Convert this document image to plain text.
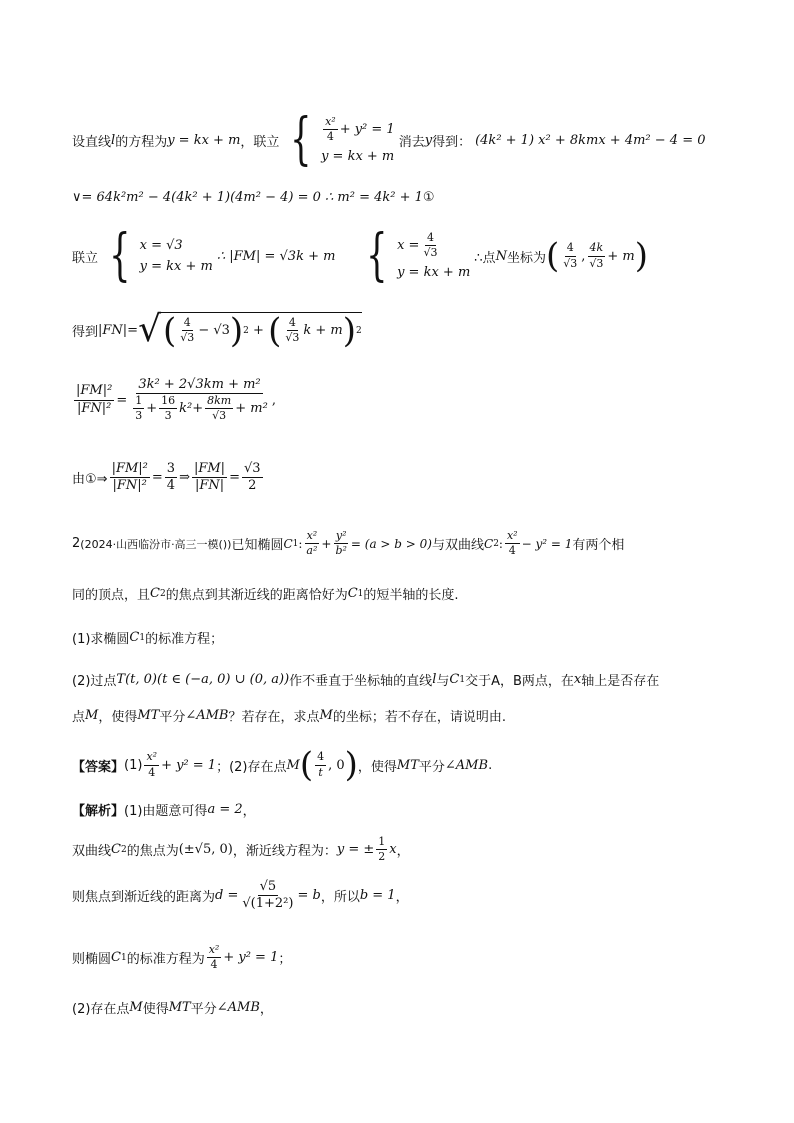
设直线 l 的方程为 y = kx + m ，联立 { $\frac{\text{x²}}{4} + y^2 = 1$
y = kx + m
消去 y 得到： (4k² + 1) x² + 8kmx + 4m² − 4 = 0
∨= 64k²m² − 4(4k² + 1)(4m² − 4) = 0 ∴ m² = 4k² + 1 ①
联立 { x = √3
y = kx + m
∴ |FM| = √3k + m { $x = \frac{4}{√3}$
y = kx + m
∴点 N 坐标为 ( $\frac{4}{√3}$ , $\frac{4k}{√3} + m$ )
得到 |FN|= √ ( $\frac{4}{√3} - √3$ ) 2 + ( $\frac{4}{√3}$ k + m ) 2
$\frac{\text{|FM|²}}{\text{|FN|²}} = \frac{\text{3k² + 2√3km + m²}}{\frac{1}{3} + \frac{16}{3} k^2 + \frac{8km}{√3} + m^2}$ ,
由①⇒ $\frac{\text{|FM|²}}{\text{|FN|²}} = \frac{3}{4}$ ⇒ $\frac{|FM|}{|FN|} = \frac{√3}{2}$
2 (2024·山西临汾市·高三一模()) 已知椭圆 C 1 : $\frac{\text{x²}}{\text{a²}} + \frac{\text{y²}}{\text{b²}} = (a > b > 0)$ 与双曲线 C 2 : $\frac{\text{x²}}{4} - y^2 = 1$ 有两个相
同的顶点，且 C 2 的焦点到其渐近线的距离恰好为 C 1 的短半轴的长度.
(1)求椭圆 C 1 的标准方程；
(2)过点 T(t, 0) (t ∈ (−a, 0) ∪ (0, a)) 作不垂直于坐标轴的直线 l 与 C 1 交于A， B两点，在 x 轴上是否存在
点 M ，使得 MT 平分 ∠AMB ？若存在，求点 M 的坐标；若不存在，请说明由.
【答案】 $(1) \frac{\text{x²}}{4} + y^2 = 1$ ；(2)存在点 M ( $\frac{4}{t}$ , 0 ) ，使得 MT 平分 ∠AMB .
【解析】 (1)由题意可得 a = 2 ，
双曲线 C 2 的焦点为 (±√5, 0) ，渐近线方程为： y = ± $\frac{1}{2}$ x ，
则焦点到渐近线的距离为 $d = \frac{√5}{\text{√(1+2²)}} = b$ ，所以 b = 1 ，
则椭圆 C 1 的标准方程为 $\frac{\text{x²}}{4} + y^2 = 1$ ；
(2)存在点 M 使得 MT 平分 ∠AMB ，
